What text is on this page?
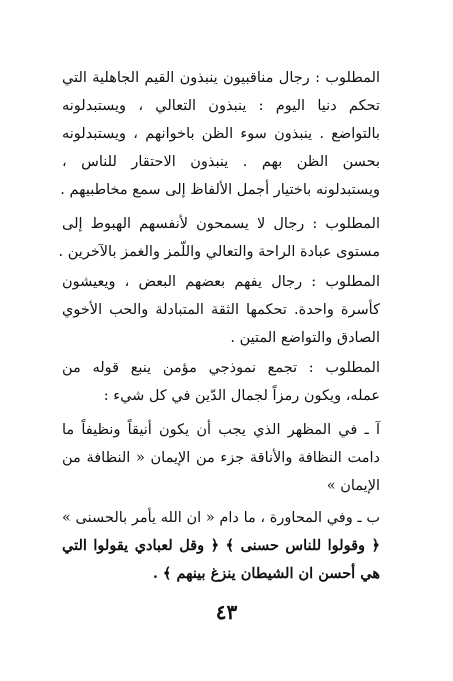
المطلوب : رجال مناقبيون ينبذون القيم الجاهلية التي
تحكم دنيا اليوم : ينبذون التعالي ، ويستبدلونه
بالتواضع . ينبذون سوء الظن باخوانهم ، ويستبدلونه
بحسن الظن بهم . ينبذون الاحتقار للناس ،
ويستبدلونه باختيار أجمل الألفاظ إلى سمع مخاطبيهم .
المطلوب : رجال لا يسمحون لأنفسهم الهبوط إلى
مستوى عبادة الراحة والتعالي واللّمز والغمز بالآخرين .
المطلوب : رجال يفهم بعضهم البعض ، ويعيشون
كأسرة واحدة. تحكمها الثقة المتبادلة والحب الأخوي
الصادق والتواضع المتين .
المطلوب : تجمع نموذجي مؤمن ينبع قوله من
عمله، ويكون رمزاً لجمال الدّين في كل شيء :
آ ـ في المظهر الذي يجب أن يكون أنيقاً ونظيفاً ما
دامت النظافة والأناقة جزء من الإيمان « النظافة من
الإيمان »
ب ـ وفي المحاورة ، ما دام « ان الله يأمر بالحسنى »
﴿ وقولوا للناس حسنى ﴾ ﴿ وقل لعبادي يقولوا التي
هي أحسن ان الشيطان ينزغ بينهم ﴾ .
٤٣
